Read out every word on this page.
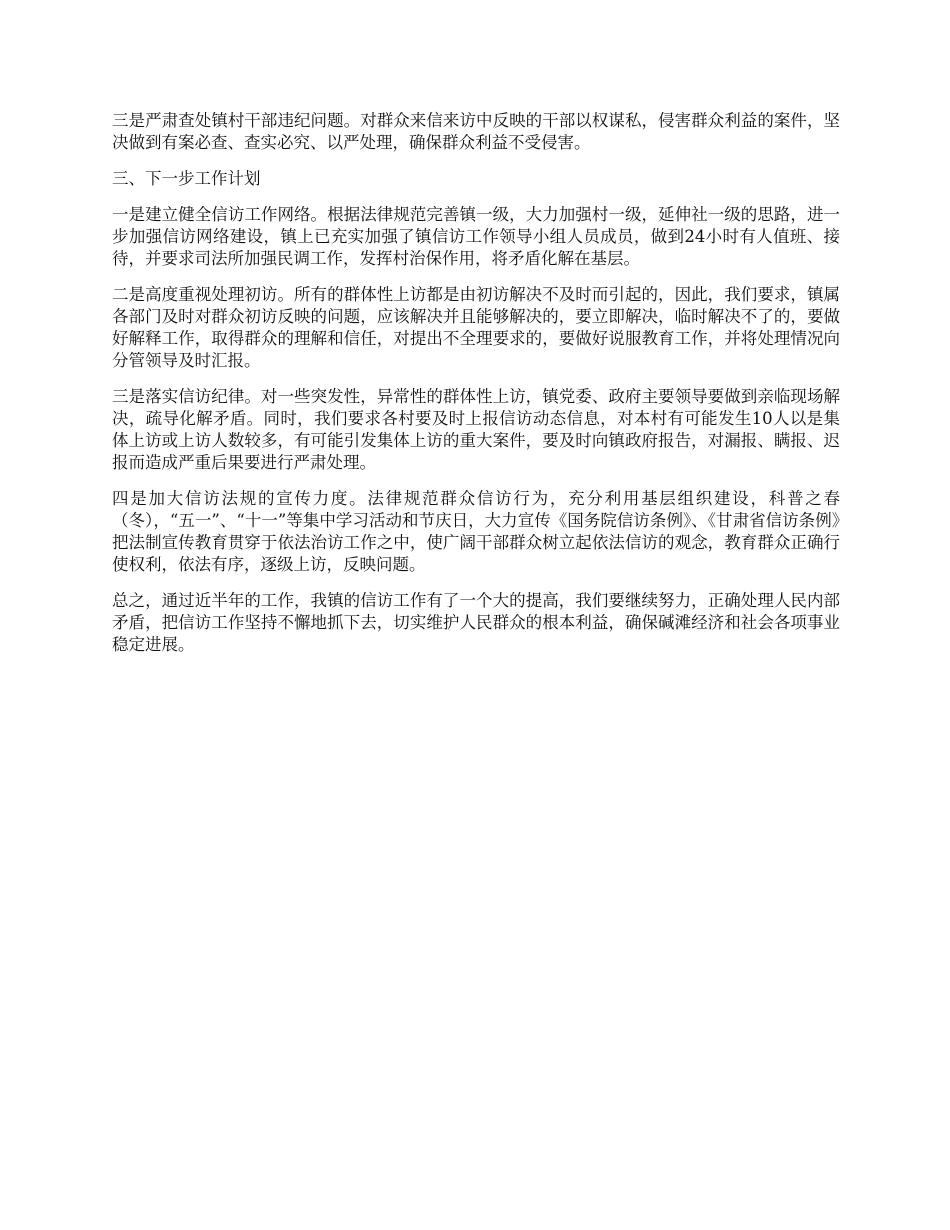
三是严肃查处镇村干部违纪问题。对群众来信来访中反映的干部以权谋私，侵害群众利益的案件，坚决做到有案必查、查实必究、以严处理，确保群众利益不受侵害。

三、下一步工作计划

一是建立健全信访工作网络。根据法律规范完善镇一级，大力加强村一级，延伸社一级的思路，进一步加强信访网络建设，镇上已充实加强了镇信访工作领导小组人员成员，做到24小时有人值班、接待，并要求司法所加强民调工作，发挥村治保作用，将矛盾化解在基层。

二是高度重视处理初访。所有的群体性上访都是由初访解决不及时而引起的，因此，我们要求，镇属各部门及时对群众初访反映的问题，应该解决并且能够解决的，要立即解决，临时解决不了的，要做好解释工作，取得群众的理解和信任，对提出不全理要求的，要做好说服教育工作，并将处理情况向分管领导及时汇报。

三是落实信访纪律。对一些突发性，异常性的群体性上访，镇党委、政府主要领导要做到亲临现场解决，疏导化解矛盾。同时，我们要求各村要及时上报信访动态信息，对本村有可能发生10人以是集体上访或上访人数较多，有可能引发集体上访的重大案件，要及时向镇政府报告，对漏报、瞒报、迟报而造成严重后果要进行严肃处理。

四是加大信访法规的宣传力度。法律规范群众信访行为，充分利用基层组织建设，科普之春（冬），“五一”、“十一”等集中学习活动和节庆日，大力宣传《国务院信访条例》、《甘肃省信访条例》把法制宣传教育贯穿于依法治访工作之中，使广阔干部群众树立起依法信访的观念，教育群众正确行使权利，依法有序，逐级上访，反映问题。

总之，通过近半年的工作，我镇的信访工作有了一个大的提高，我们要继续努力，正确处理人民内部矛盾，把信访工作坚持不懈地抓下去，切实维护人民群众的根本利益，确保碱滩经济和社会各项事业稳定进展。
